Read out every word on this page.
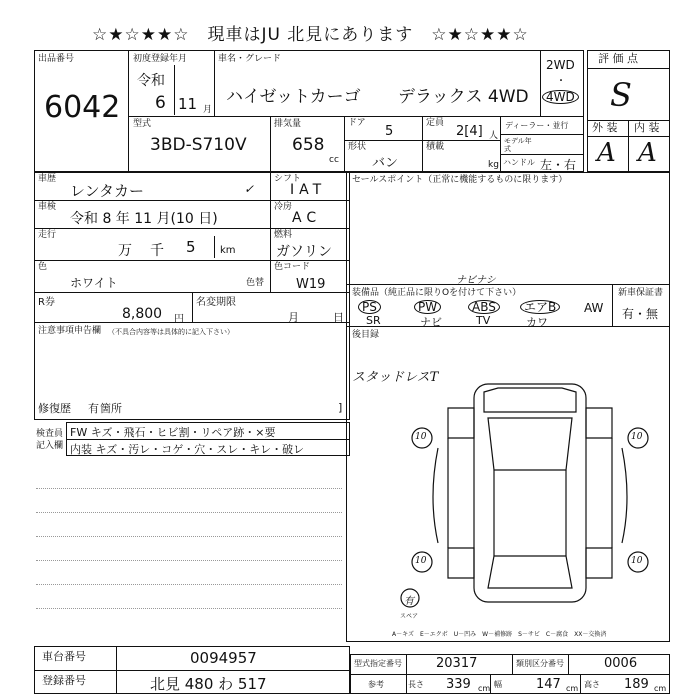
☆★☆★★☆　現車はJU 北見にあります　☆★☆★★☆
出品番号
6042
初度登録年月
令和
6 11 月
車名・グレード
ハイゼットカーゴ デラックス 4WD
2WD
・
4WD
型式
3BD-S710V
排気量
658
cc
ドア
5
定員
2[4] 人
形状
バン
積載
kg
ディーラー・並行
モデル年式
ハンドル 左・右
評 価 点
S
外 装 内 装
A A
車歴
レンタカー	✓
シフト
IAT
車検
令和 8 年 11 月(10 日)
冷房
AC
走行
万 千 5 km
燃料
ガソリン
色
ホワイト	色替
色コード
W19
R券
8,800 円
名変期限
月	日
注意事項申告欄 （不具合内容等は具体的に記入下さい）
修復歴 有 箇所	]
セールスポイント（正常に機能するものに限ります）
ナビナシ
装備品（純正品に限りOを付けて下さい）	新車保証書
有・無
PS	PW	ABS	エアB	AW
SR	ナビ	TV	カワ
後目録
スタッドレスT
10	10
10	10
有
スペア
A－キズ　E－エクボ　U－凹み　W－補修跡　S－サビ　C－腐食　XX－交換済
検査員記入欄
FW キズ・飛石・ヒビ割・リペア跡・×要
内装 キズ・汚レ・コゲ・穴・スレ・キレ・破レ
車台番号	0094957
登録番号	北見 480 わ 517
型式指定番号	20317	類別区分番号	0006
参考	長さ 339 cm 幅	147 cm 高さ 189 cm
